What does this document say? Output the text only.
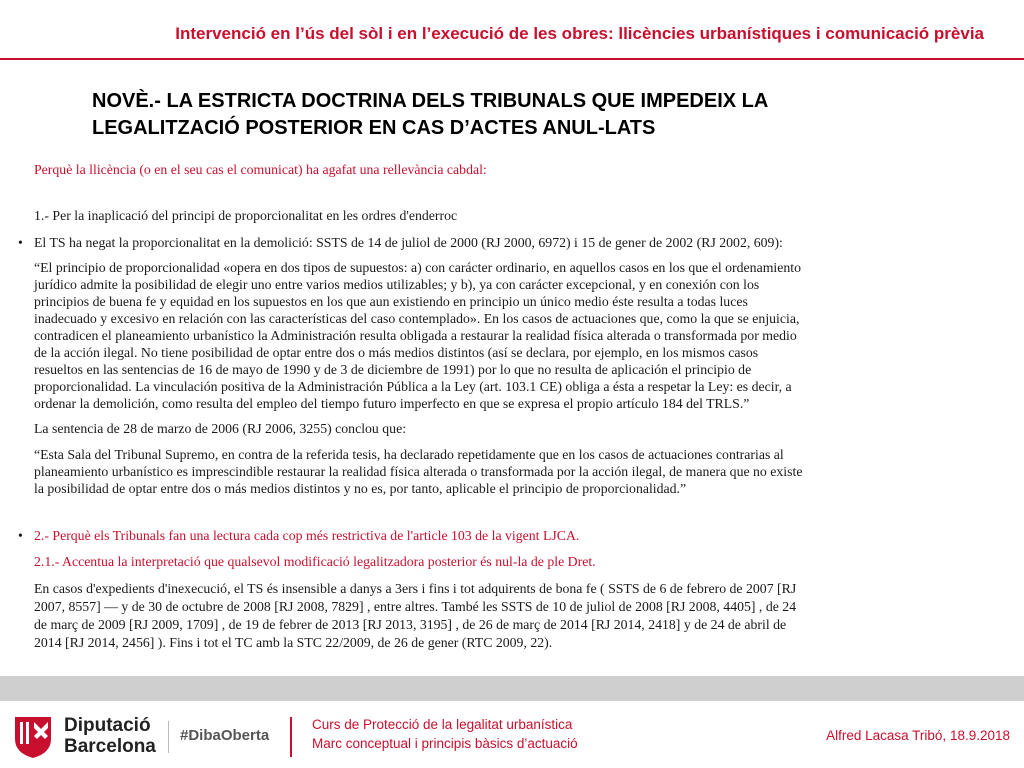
Intervenció en l’ús del sòl i en l’execució de les obres: llicències urbanístiques i comunicació prèvia
NOVÈ.- LA ESTRICTA DOCTRINA DELS TRIBUNALS QUE IMPEDEIX LA
LEGALITZACIÓ POSTERIOR EN CAS D’ACTES ANUL-LATS
Perquè la llicència (o en el seu cas el comunicat) ha agafat una rellevància cabdal:
1.- Per la inaplicació del principi de proporcionalitat en les ordres d'enderroc
• El TS ha negat la proporcionalitat en la demolició: SSTS de 14 de juliol de 2000 (RJ 2000, 6972) i 15 de gener de 2002 (RJ 2002, 609):
“El principio de proporcionalidad «opera en dos tipos de supuestos: a) con carácter ordinario, en aquellos casos en los que el ordenamiento
jurídico admite la posibilidad de elegir uno entre varios medios utilizables; y b), ya con carácter excepcional, y en conexión con los
principios de buena fe y equidad en los supuestos en los que aun existiendo en principio un único medio éste resulta a todas luces
inadecuado y excesivo en relación con las características del caso contemplado». En los casos de actuaciones que, como la que se enjuicia,
contradicen el planeamiento urbanístico la Administración resulta obligada a restaurar la realidad física alterada o transformada por medio
de la acción ilegal. No tiene posibilidad de optar entre dos o más medios distintos (así se declara, por ejemplo, en los mismos casos
resueltos en las sentencias de 16 de mayo de 1990 y de 3 de diciembre de 1991) por lo que no resulta de aplicación el principio de
proporcionalidad. La vinculación positiva de la Administración Pública a la Ley (art. 103.1 CE) obliga a ésta a respetar la Ley: es decir, a
ordenar la demolición, como resulta del empleo del tiempo futuro imperfecto en que se expresa el propio artículo 184 del TRLS.”
La sentencia de 28 de marzo de 2006 (RJ 2006, 3255) conclou que:
“Esta Sala del Tribunal Supremo, en contra de la referida tesis, ha declarado repetidamente que en los casos de actuaciones contrarias al
planeamiento urbanístico es imprescindible restaurar la realidad física alterada o transformada por la acción ilegal, de manera que no existe
la posibilidad de optar entre dos o más medios distintos y no es, por tanto, aplicable el principio de proporcionalidad.”
• 2.- Perquè els Tribunals fan una lectura cada cop més restrictiva de l'article 103 de la vigent LJCA.
2.1.- Accentua la interpretació que qualsevol modificació legalitzadora posterior és nul-la de ple Dret.
En casos d'expedients d'inexecució, el TS és insensible a danys a 3ers i fins i tot adquirents de bona fe ( SSTS de 6 de febrero de 2007 [RJ
2007, 8557] — y de 30 de octubre de 2008 [RJ 2008, 7829] , entre altres. També les SSTS de 10 de juliol de 2008 [RJ 2008, 4405] , de 24
de març de 2009 [RJ 2009, 1709] , de 19 de febrer de 2013 [RJ 2013, 3195] , de 26 de març de 2014 [RJ 2014, 2418] y de 24 de abril de
2014 [RJ 2014, 2456] ). Fins i tot el TC amb la STC 22/2009, de 26 de gener (RTC 2009, 22).
Diputació
Barcelona
#DibaOberta
Curs de Protecció de la legalitat urbanística
Marc conceptual i principis bàsics d’actuació
Alfred Lacasa Tribó, 18.9.2018
